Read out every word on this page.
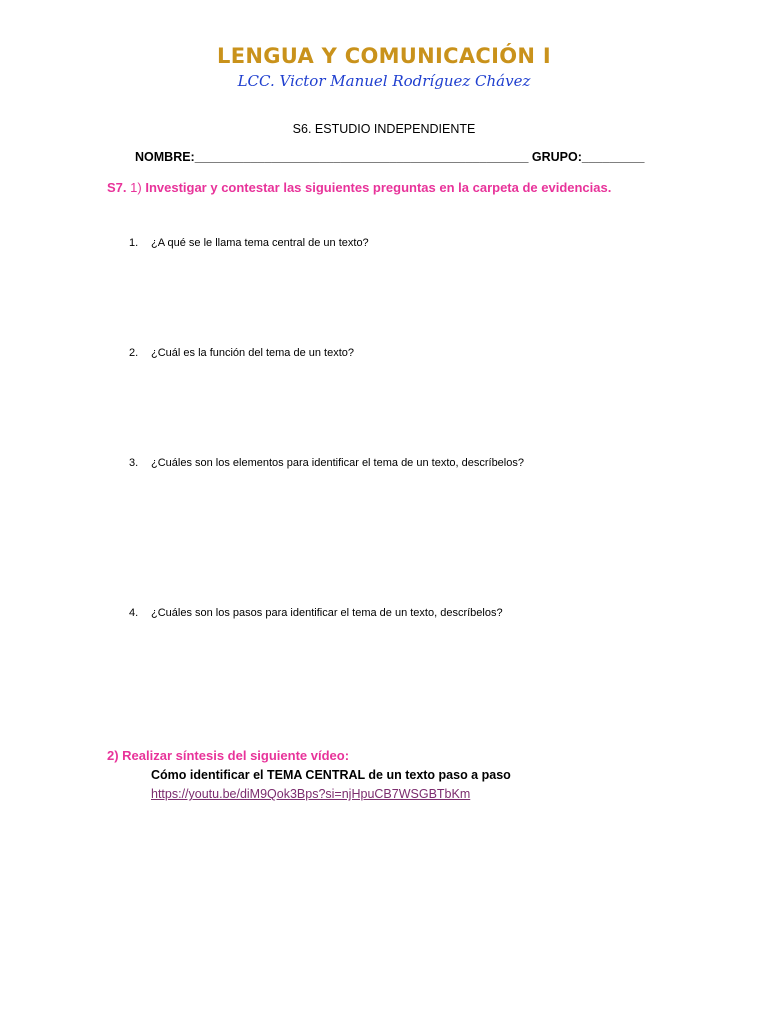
LENGUA Y COMUNICACIÓN I
LCC. Victor Manuel Rodríguez Chávez
S6. ESTUDIO INDEPENDIENTE
NOMBRE:________________________________________________ GRUPO:_________
S7. 1) Investigar y contestar las siguientes preguntas en la carpeta de evidencias.
1. ¿A qué se le llama tema central de un texto?
2. ¿Cuál es la función del tema de un texto?
3. ¿Cuáles son los elementos para identificar el tema de un texto, descríbelos?
4. ¿Cuáles son los pasos para identificar el tema de un texto, descríbelos?
2) Realizar síntesis del siguiente vídeo:
Cómo identificar el TEMA CENTRAL de un texto paso a paso
https://youtu.be/diM9Qok3Bps?si=njHpuCB7WSGBTbKm
